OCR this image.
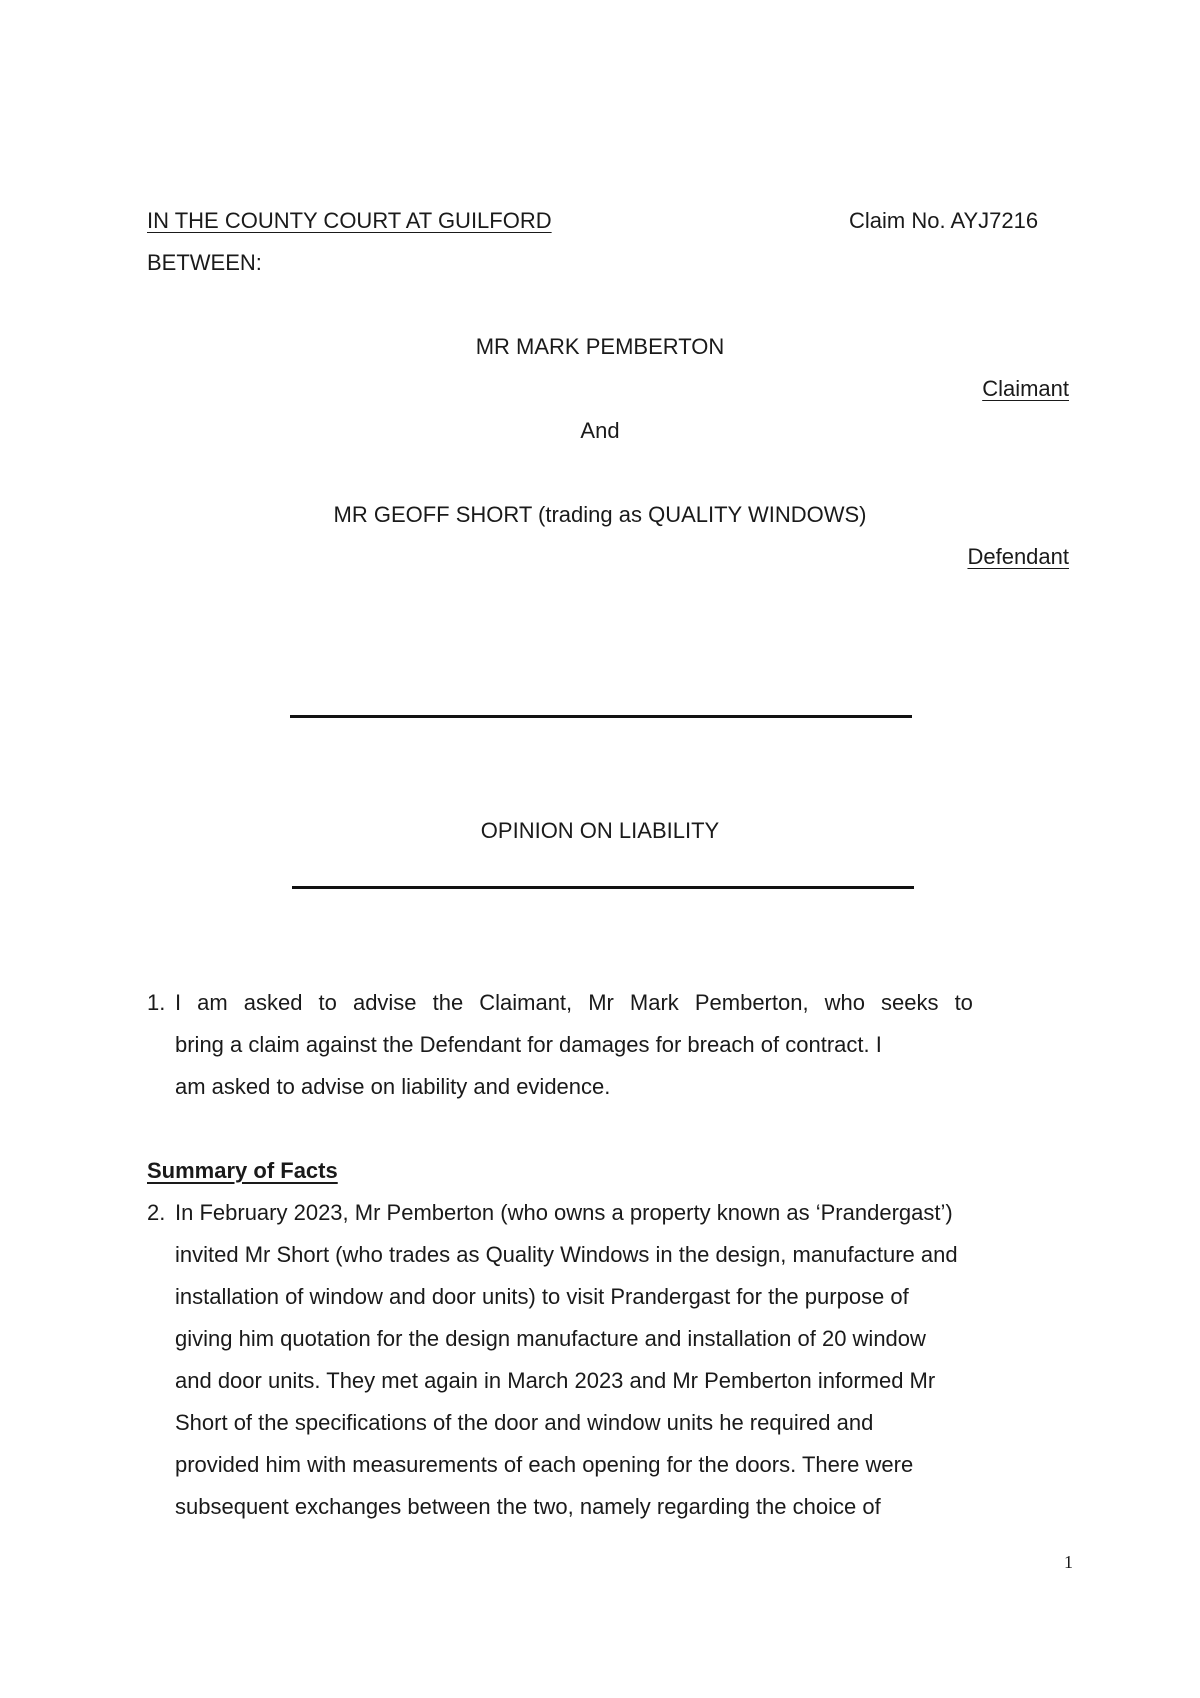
IN THE COUNTY COURT AT GUILFORD	Claim No. AYJ7216
BETWEEN:
MR MARK PEMBERTON
Claimant
And
MR GEOFF SHORT (trading as QUALITY WINDOWS)
Defendant
OPINION ON LIABILITY
1. I am asked to advise the Claimant, Mr Mark Pemberton, who seeks to
bring a claim against the Defendant for damages for breach of contract. I
am asked to advise on liability and evidence.
Summary of Facts
2. In February 2023, Mr Pemberton (who owns a property known as ‘Prandergast’)
invited Mr Short (who trades as Quality Windows in the design, manufacture and
installation of window and door units) to visit Prandergast for the purpose of
giving him quotation for the design manufacture and installation of 20 window
and door units. They met again in March 2023 and Mr Pemberton informed Mr
Short of the specifications of the door and window units he required and
provided him with measurements of each opening for the doors. There were
subsequent exchanges between the two, namely regarding the choice of
1
